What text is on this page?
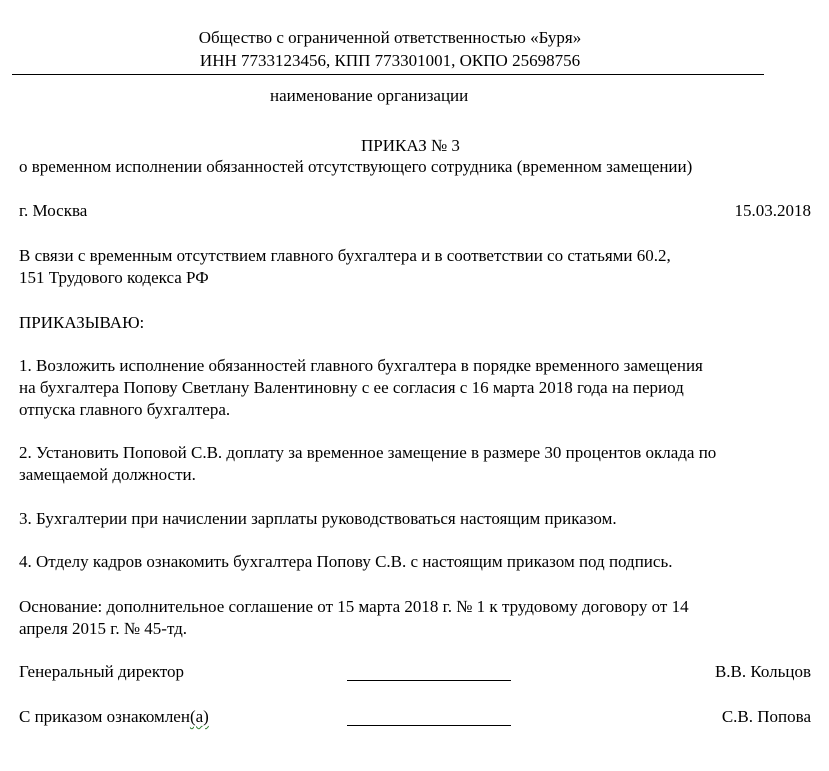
Общество с ограниченной ответственностью «Буря»
ИНН 7733123456, КПП 773301001, ОКПО 25698756
наименование организации
ПРИКАЗ № 3
о временном исполнении обязанностей отсутствующего сотрудника (временном замещении)
г. Москва	15.03.2018
В связи с временным отсутствием главного бухгалтера и в соответствии со статьями 60.2,
151 Трудового кодекса РФ
ПРИКАЗЫВАЮ:
1. Возложить исполнение обязанностей главного бухгалтера в порядке временного замещения
на бухгалтера Попову Светлану Валентиновну с ее согласия с 16 марта 2018 года на период
отпуска главного бухгалтера.
2. Установить Поповой С.В. доплату за временное замещение в размере 30 процентов оклада по
замещаемой должности.
3. Бухгалтерии при начислении зарплаты руководствоваться настоящим приказом.
4. Отделу кадров ознакомить бухгалтера Попову С.В. с настоящим приказом под подпись.
Основание: дополнительное соглашение от 15 марта 2018 г. № 1 к трудовому договору от 14
апреля 2015 г. № 45-тд.
Генеральный директор	В.В. Кольцов
С приказом ознакомлен(а)	С.В. Попова
